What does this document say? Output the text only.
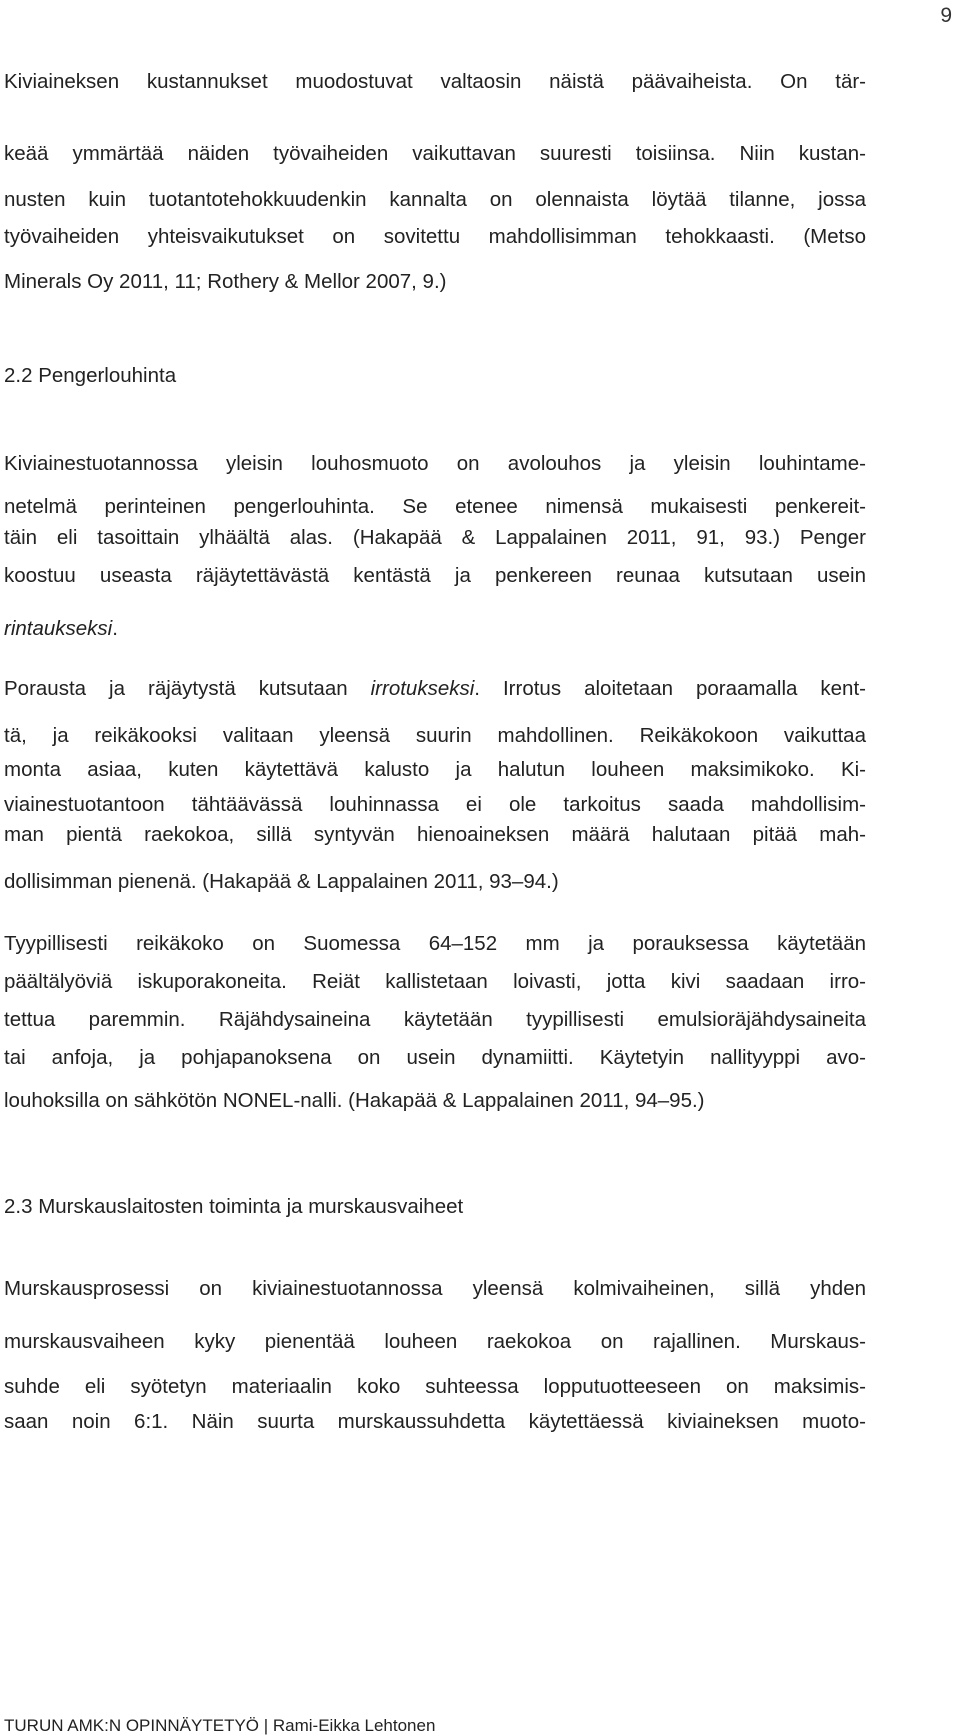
9
Kiviaineksen kustannukset muodostuvat valtaosin näistä päävaiheista. On tär-
keää ymmärtää näiden työvaiheiden vaikuttavan suuresti toisiinsa. Niin kustan-
nusten kuin tuotantotehokkuudenkin kannalta on olennaista löytää tilanne, jossa
työvaiheiden yhteisvaikutukset on sovitettu mahdollisimman tehokkaasti. (Metso
Minerals Oy 2011, 11; Rothery & Mellor 2007, 9.)
2.2 Pengerlouhinta
Kiviainestuotannossa yleisin louhosmuoto on avolouhos ja yleisin louhintame-
netelmä perinteinen pengerlouhinta. Se etenee nimensä mukaisesti penkereit-
täin eli tasoittain ylhäältä alas. (Hakapää & Lappalainen 2011, 91, 93.) Penger
koostuu useasta räjäytettävästä kentästä ja penkereen reunaa kutsutaan usein
rintaukseksi.
Porausta ja räjäytystä kutsutaan irrotukseksi. Irrotus aloitetaan poraamalla kent-
tä, ja reikäkooksi valitaan yleensä suurin mahdollinen. Reikäkokoon vaikuttaa
monta asiaa, kuten käytettävä kalusto ja halutun louheen maksimikoko. Ki-
viainestuotantoon tähtäävässä louhinnassa ei ole tarkoitus saada mahdollisim-
man pientä raekokoa, sillä syntyvän hienoaineksen määrä halutaan pitää mah-
dollisimman pienenä. (Hakapää & Lappalainen 2011, 93–94.)
Tyypillisesti reikäkoko on Suomessa 64–152 mm ja porauksessa käytetään
päältälyöviä iskuporakoneita. Reiät kallistetaan loivasti, jotta kivi saadaan irro-
tettua paremmin. Räjähdysaineina käytetään tyypillisesti emulsioräjähdysaineita
tai anfoja, ja pohjapanoksena on usein dynamiitti. Käytetyin nallityyppi avo-
louhoksilla on sähkötön NONEL-nalli. (Hakapää & Lappalainen 2011, 94–95.)
2.3 Murskauslaitosten toiminta ja murskausvaiheet
Murskausprosessi on kiviainestuotannossa yleensä kolmivaiheinen, sillä yhden
murskausvaiheen kyky pienentää louheen raekokoa on rajallinen. Murskaus-
suhde eli syötetyn materiaalin koko suhteessa lopputuotteeseen on maksimis-
saan noin 6:1. Näin suurta murskaussuhdetta käytettäessä kiviaineksen muoto-
TURUN AMK:N OPINNÄYTETYÖ | Rami-Eikka Lehtonen
